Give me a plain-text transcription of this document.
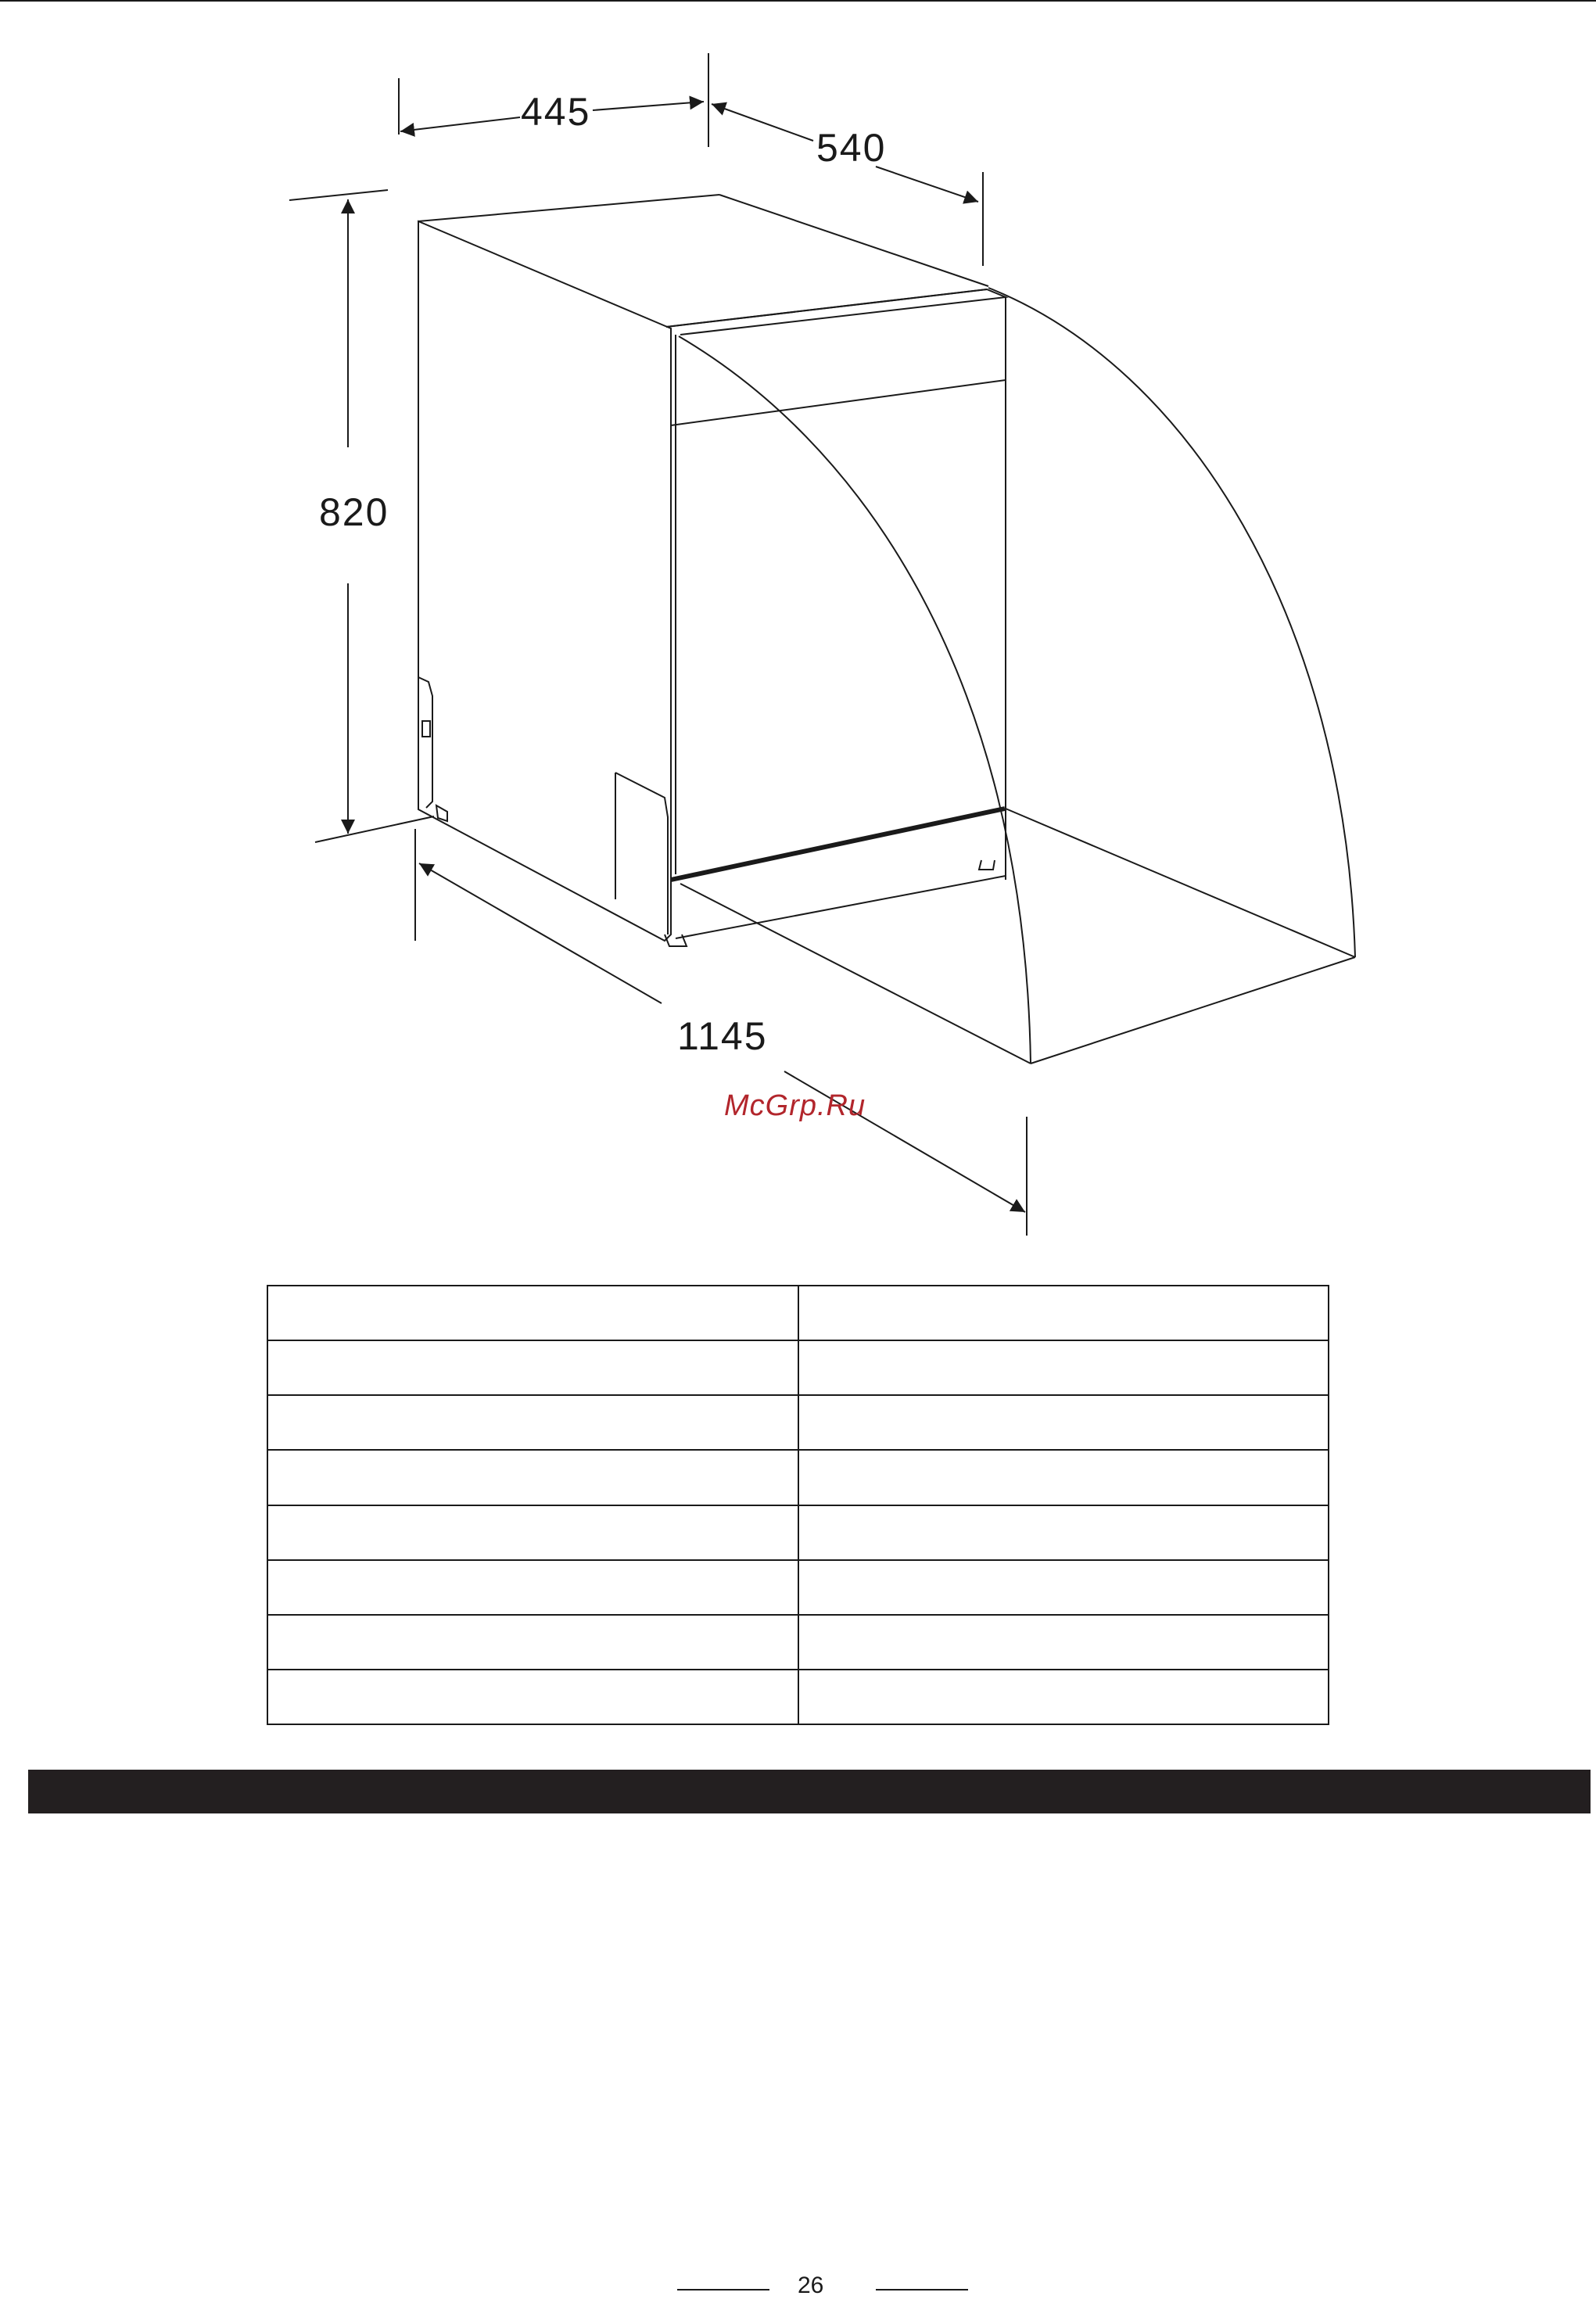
445
540
820
1145
McGrp.Ru

26
